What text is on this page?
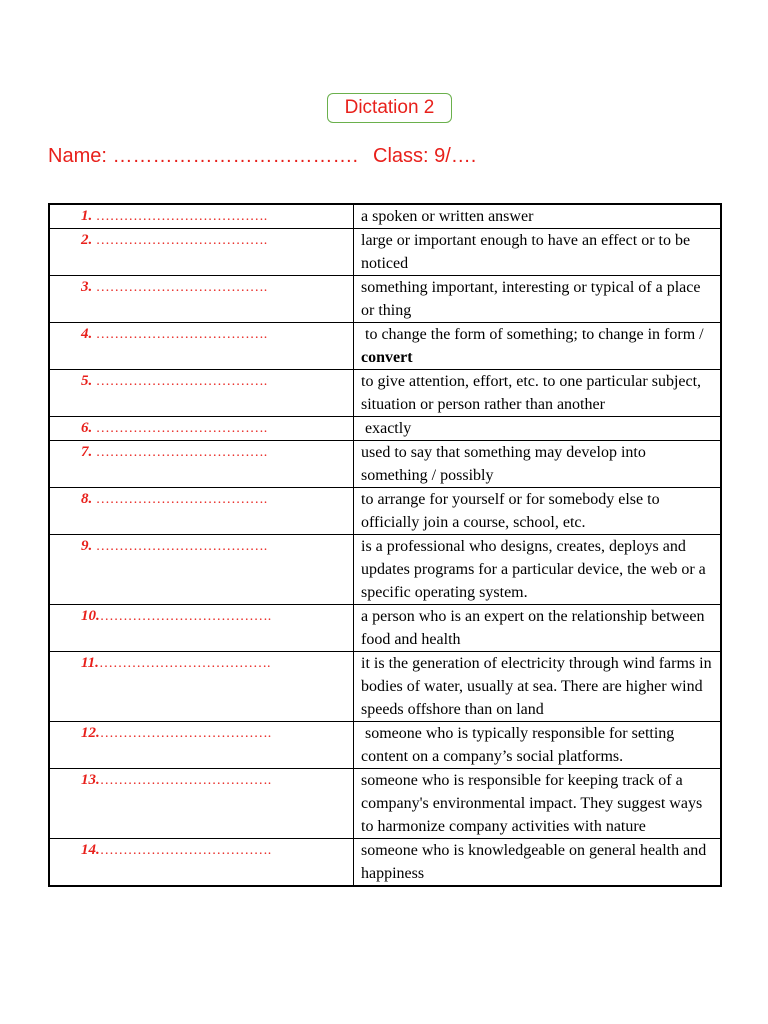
Dictation 2
Name: ………………………………. Class: 9/….
1. ……………………………….	a spoken or written answer
2. ……………………………….	large or important enough to have an effect or to be noticed
3. ……………………………….	something important, interesting or typical of a place or thing
4. ……………………………….	to change the form of something; to change in form / convert
5. ……………………………….	to give attention, effort, etc. to one particular subject, situation or person rather than another
6. ……………………………….	exactly
7. ……………………………….	used to say that something may develop into something / possibly
8. ……………………………….	to arrange for yourself or for somebody else to officially join a course, school, etc.
9. ……………………………….	is a professional who designs, creates, deploys and updates programs for a particular device, the web or a specific operating system.
10.……………………………….	a person who is an expert on the relationship between food and health
11.……………………………….	it is the generation of electricity through wind farms in bodies of water, usually at sea. There are higher wind speeds offshore than on land
12.……………………………….	someone who is typically responsible for setting content on a company’s social platforms.
13.……………………………….	someone who is responsible for keeping track of a company's environmental impact. They suggest ways to harmonize company activities with nature
14.……………………………….	someone who is knowledgeable on general health and happiness
